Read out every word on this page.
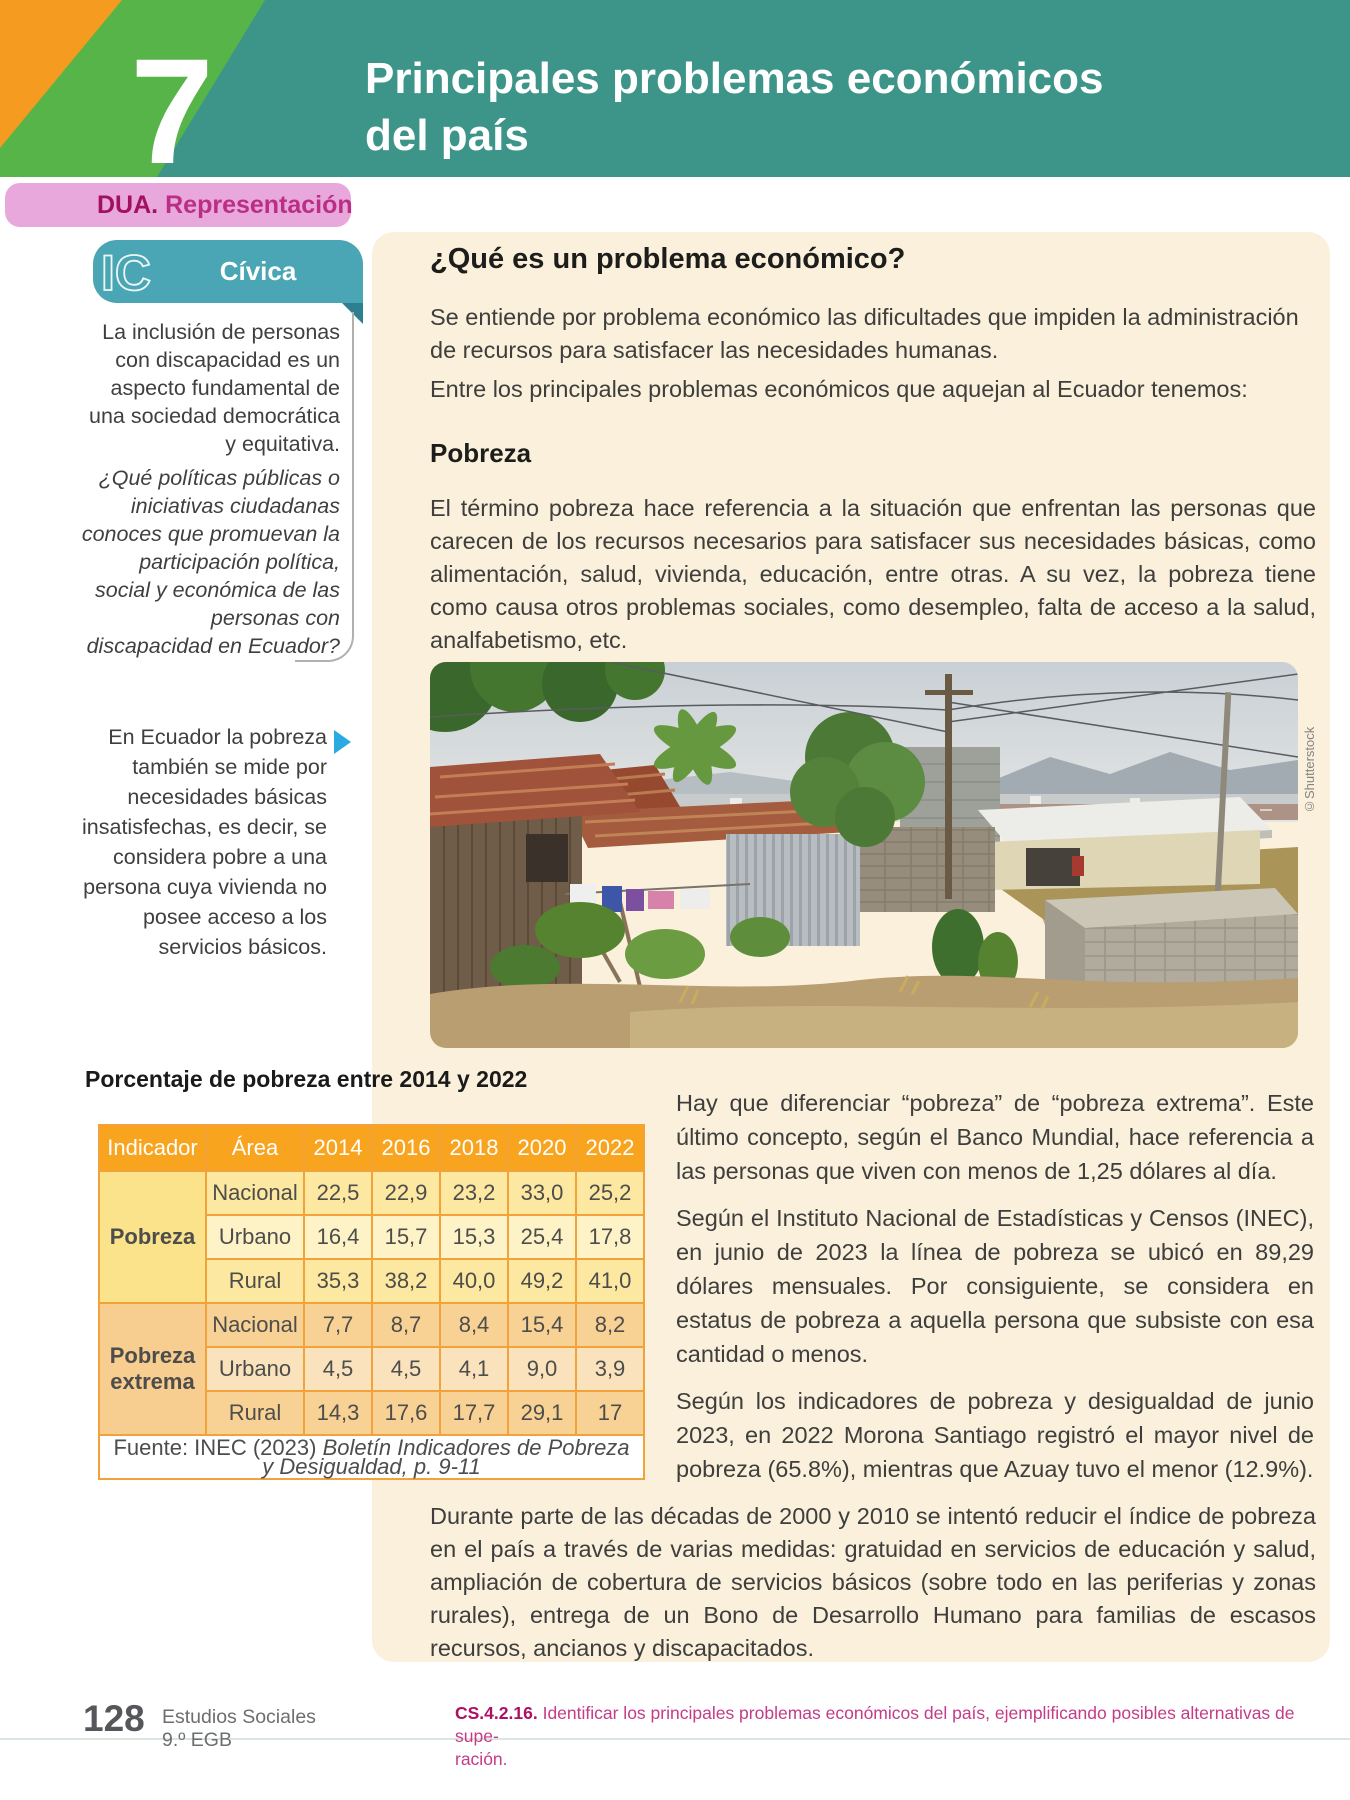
7	Principales problemas económicos
del país
DUA. Representación
IC	Cívica
La inclusión de personas con discapacidad es un aspecto fundamental de una sociedad democrática y equitativa.
¿Qué políticas públicas o iniciativas ciudadanas conoces que promuevan la participación política, social y económica de las personas con discapacidad en Ecuador?
En Ecuador la pobreza también se mide por necesidades básicas insatisfechas, es decir, se considera pobre a una persona cuya vivienda no posee acceso a los servicios básicos.
¿Qué es un problema económico?
Se entiende por problema económico las dificultades que impiden la administración de recursos para satisfacer las necesidades humanas.
Entre los principales problemas económicos que aquejan al Ecuador tenemos:
Pobreza
El término pobreza hace referencia a la situación que enfrentan las personas que carecen de los recursos necesarios para satisfacer sus necesidades básicas, como alimentación, salud, vivienda, educación, entre otras. A su vez, la pobreza tiene como causa otros problemas sociales, como desempleo, falta de acceso a la salud, analfabetismo, etc.
©Shutterstock
Porcentaje de pobreza entre 2014 y 2022
Indicador	Área	2014	2016	2018	2020	2022
Pobreza	Nacional	22,5	22,9	23,2	33,0	25,2
	Urbano	16,4	15,7	15,3	25,4	17,8
	Rural	35,3	38,2	40,0	49,2	41,0
Pobreza extrema	Nacional	7,7	8,7	8,4	15,4	8,2
	Urbano	4,5	4,5	4,1	9,0	3,9
	Rural	14,3	17,6	17,7	29,1	17
Fuente: INEC (2023) Boletín Indicadores de Pobreza
y Desigualdad, p. 9-11						

Hay que diferenciar “pobreza” de “pobreza extrema”. Este último concepto, según el Banco Mundial, hace referencia a las personas que viven con menos de 1,25 dólares al día.

Según el Instituto Nacional de Estadísticas y Censos (INEC), en junio de 2023 la línea de pobreza se ubicó en 89,29 dólares mensuales. Por consiguiente, se considera en estatus de pobreza a aquella persona que subsiste con esa cantidad o menos.

Según los indicadores de pobreza y desigualdad de junio 2023, en 2022 Morona Santiago registró el mayor nivel de pobreza (65.8%), mientras que Azuay tuvo el menor (12.9%).

Durante parte de las décadas de 2000 y 2010 se intentó reducir el índice de pobreza en el país a través de varias medidas: gratuidad en servicios de educación y salud, ampliación de cobertura de servicios básicos (sobre todo en las periferias y zonas rurales), entrega de un Bono de Desarrollo Humano para familias de escasos recursos, ancianos y discapacitados.
128 Estudios Sociales
9.º EGB
CS.4.2.16. Identificar los principales problemas económicos del país, ejemplificando posibles alternativas de supe-
ración.
